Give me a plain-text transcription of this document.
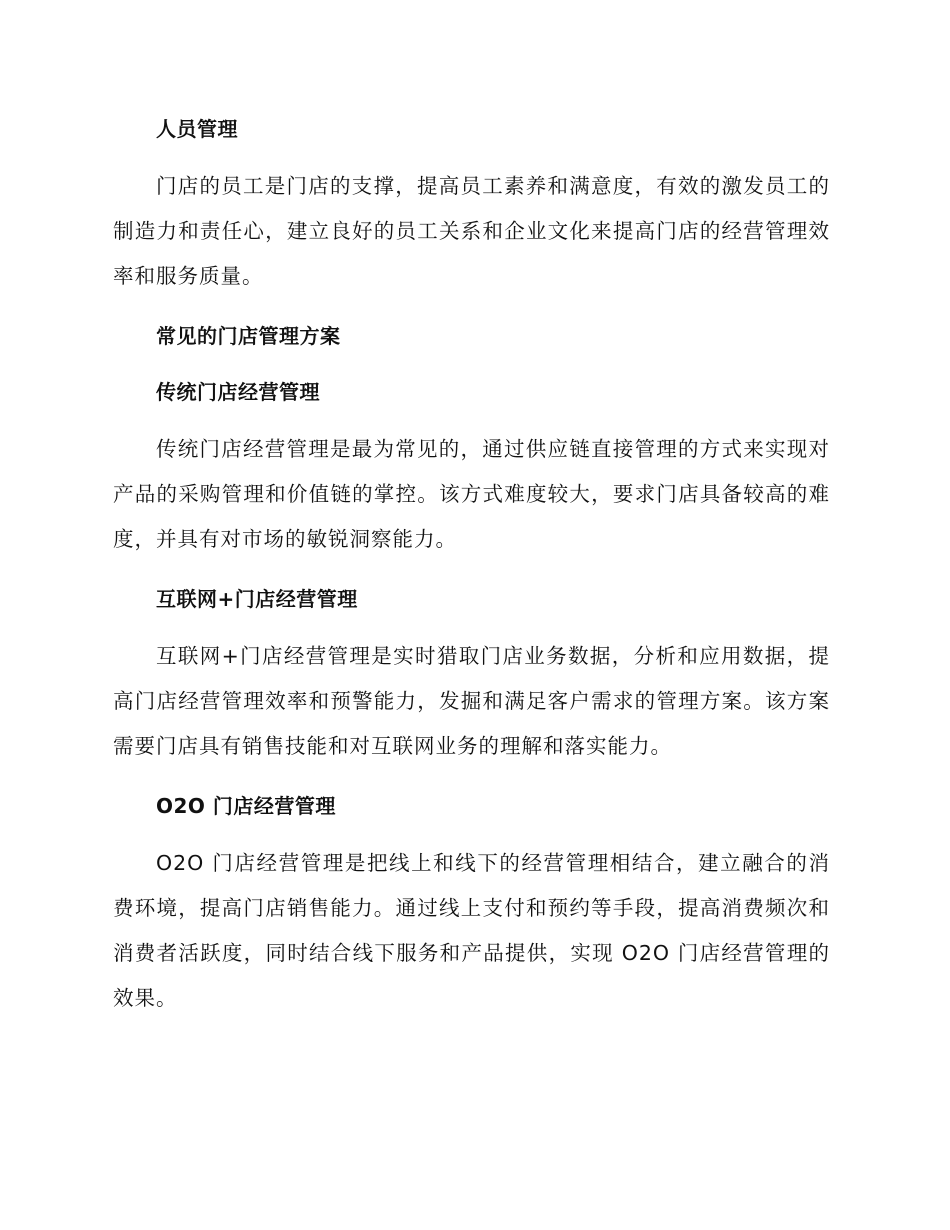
人员管理

门店的员工是门店的支撑，提高员工素养和满意度，有效的激发员工的制造力和责任心，建立良好的员工关系和企业文化来提高门店的经营管理效率和服务质量。

常见的门店管理方案
传统门店经营管理

传统门店经营管理是最为常见的，通过供应链直接管理的方式来实现对产品的采购管理和价值链的掌控。该方式难度较大，要求门店具备较高的难度，并具有对市场的敏锐洞察能力。

互联网+门店经营管理

互联网+门店经营管理是实时猎取门店业务数据，分析和应用数据，提高门店经营管理效率和预警能力，发掘和满足客户需求的管理方案。该方案需要门店具有销售技能和对互联网业务的理解和落实能力。

O2O 门店经营管理

O2O 门店经营管理是把线上和线下的经营管理相结合，建立融合的消费环境，提高门店销售能力。通过线上支付和预约等手段，提高消费频次和消费者活跃度，同时结合线下服务和产品提供，实现 O2O 门店经营管理的效果。
